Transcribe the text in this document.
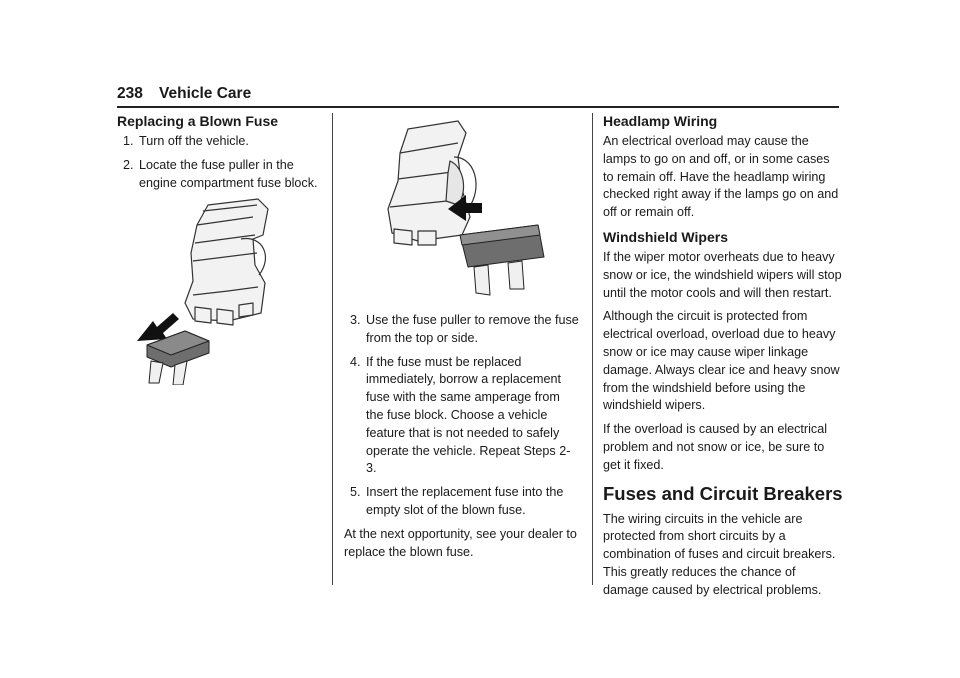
238 Vehicle Care
Replacing a Blown Fuse
1. Turn off the vehicle.
2. Locate the fuse puller in the engine compartment fuse block.
3. Use the fuse puller to remove the fuse from the top or side.
4. If the fuse must be replaced immediately, borrow a replacement fuse with the same amperage from the fuse block. Choose a vehicle feature that is not needed to safely operate the vehicle. Repeat Steps 2-3.
5. Insert the replacement fuse into the empty slot of the blown fuse.

At the next opportunity, see your dealer to replace the blown fuse.

Headlamp Wiring

An electrical overload may cause the lamps to go on and off, or in some cases to remain off. Have the headlamp wiring checked right away if the lamps go on and off or remain off.

Windshield Wipers

If the wiper motor overheats due to heavy snow or ice, the windshield wipers will stop until the motor cools and will then restart.

Although the circuit is protected from electrical overload, overload due to heavy snow or ice may cause wiper linkage damage. Always clear ice and heavy snow from the windshield before using the windshield wipers.

If the overload is caused by an electrical problem and not snow or ice, be sure to get it fixed.

Fuses and Circuit Breakers

The wiring circuits in the vehicle are protected from short circuits by a combination of fuses and circuit breakers. This greatly reduces the chance of damage caused by electrical problems.
